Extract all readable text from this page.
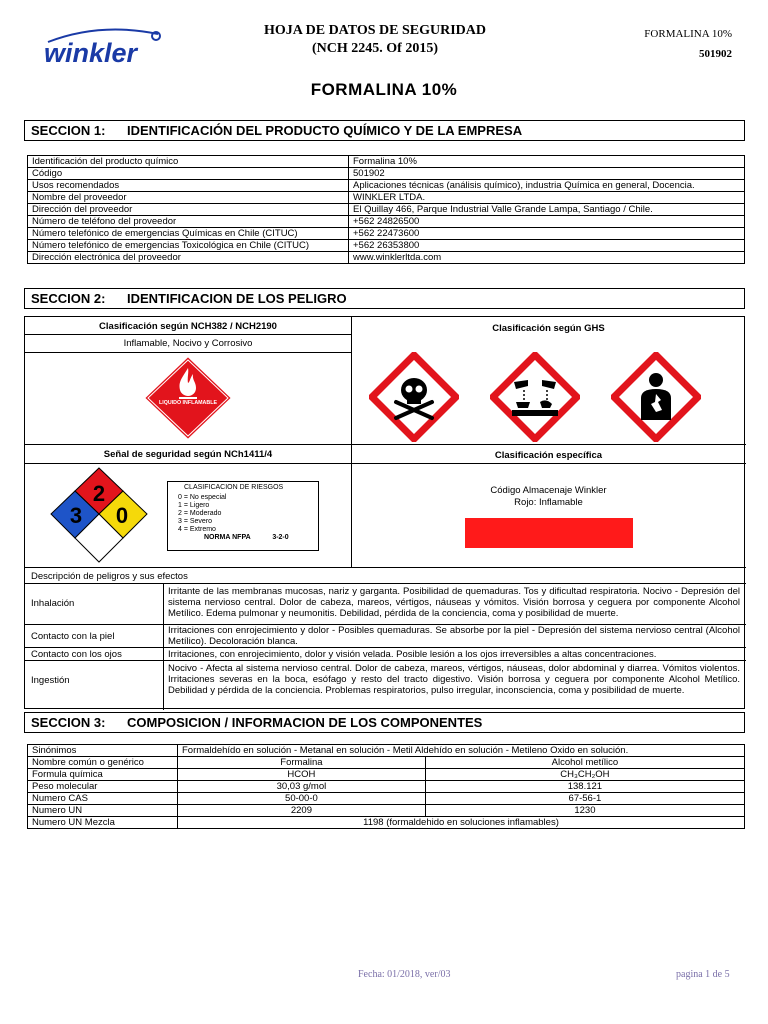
winkler
HOJA DE DATOS DE SEGURIDAD
(NCH 2245. Of 2015)
FORMALINA 10%
501902
FORMALINA 10%
SECCION 1: IDENTIFICACIÓN DEL PRODUCTO QUÍMICO Y DE LA EMPRESA
Identificación del producto químico	Formalina 10%
Código	501902
Usos recomendados	Aplicaciones técnicas (análisis químico), industria Química en general, Docencia.
Nombre del proveedor	WINKLER LTDA.
Dirección del proveedor	El Quillay 466, Parque Industrial Valle Grande Lampa, Santiago / Chile.
Número de teléfono del proveedor	+562 24826500
Número telefónico de emergencias Químicas en Chile (CITUC)	+562 22473600
Número telefónico de emergencias Toxicológica en Chile (CITUC)	+562 26353800
Dirección electrónica del proveedor	www.winklerltda.com
SECCION 2: IDENTIFICACION DE LOS PELIGRO
Clasificación según NCH382 / NCH2190
Inflamable, Nocivo y Corrosivo
LIQUIDO INFLAMABLE
Clasificación según GHS
Señal de seguridad según NCh1411/4	Clasificación específica
2
3 0
CLASIFICACION DE RIESGOS
0 = No especial
1 = Ligero
2 = Moderado
3 = Severo
4 = Extremo
NORMA NFPA	3-2-0
Código Almacenaje Winkler
Rojo: Inflamable
Descripción de peligros y sus efectos
Inhalación
Irritante de las membranas mucosas, nariz y garganta. Posibilidad de quemaduras. Tos y dificultad respiratoria. Nocivo - Depresión del sistema nervioso central. Dolor de cabeza, mareos, vértigos, náuseas y vómitos. Visión borrosa y ceguera por componente Alcohol Metílico. Edema pulmonar y neumonitis. Debilidad, pérdida de la conciencia, coma y posibilidad de muerte.
Contacto con la piel
Irritaciones con enrojecimiento y dolor - Posibles quemaduras. Se absorbe por la piel - Depresión del sistema nervioso central (Alcohol Metílico). Decoloración blanca.
Contacto con los ojos	Irritaciones, con enrojecimiento, dolor y visión velada. Posible lesión a los ojos irreversibles a altas concentraciones.
Ingestión
Nocivo - Afecta al sistema nervioso central. Dolor de cabeza, mareos, vértigos, náuseas, dolor abdominal y diarrea. Vómitos violentos. Irritaciones severas en la boca, esófago y resto del tracto digestivo. Visión borrosa y ceguera por componente Alcohol Metílico. Debilidad y pérdida de la conciencia. Problemas respiratorios, pulso irregular, inconsciencia, coma y posibilidad de muerte.
SECCION 3: COMPOSICION / INFORMACION DE LOS COMPONENTES
Sinónimos	Formaldehído en solución - Metanal en solución - Metil Aldehído en solución - Metileno Oxido en solución.	
Nombre común o genérico	Formalina	Alcohol metílico
Formula química	HCOH	CH₃CH₂OH
Peso molecular	30,03 g/mol	138.121
Numero CAS	50-00-0	67-56-1
Numero UN	2209	1230
Numero UN Mezcla	1198 (formaldehido en soluciones inflamables)	
Fecha: 01/2018, ver/03	pagina 1 de 5
